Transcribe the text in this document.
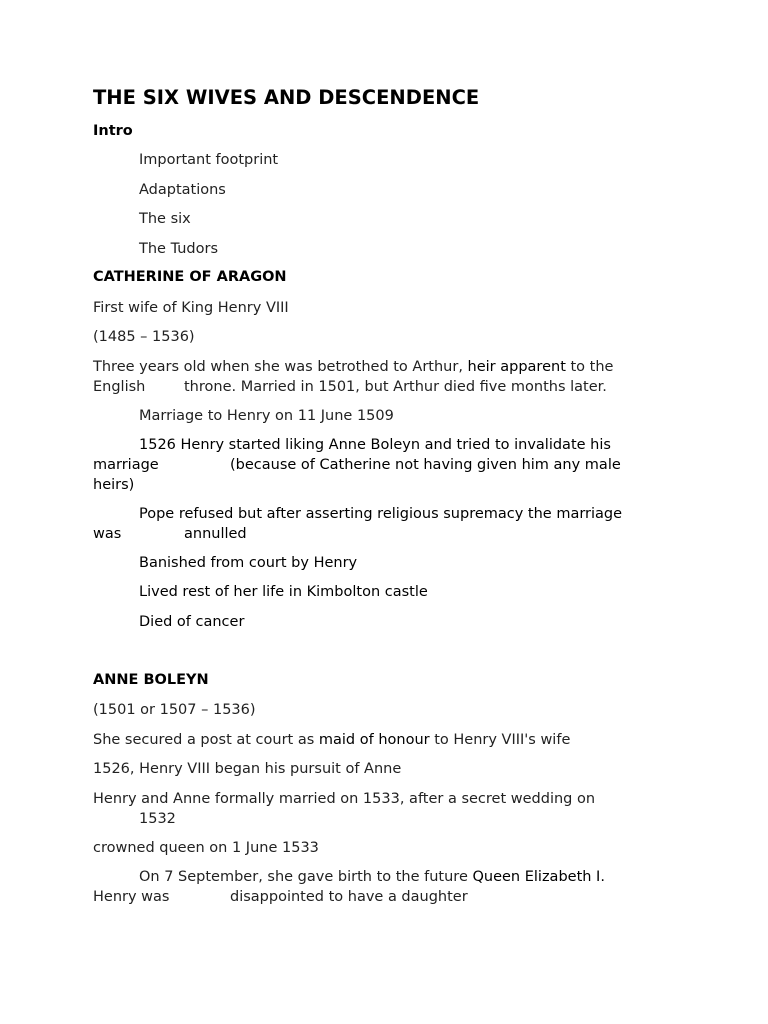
THE SIX WIVES AND DESCENDENCE
Intro
Important footprint
Adaptations
The six
The Tudors
CATHERINE OF ARAGON
First wife of King Henry VIII
(1485 – 1536)
Three years old when she was betrothed to Arthur, heir apparent to the
English	throne. Married in 1501, but Arthur died five months later.
Marriage to Henry on 11 June 1509
1526 Henry started liking Anne Boleyn and tried to invalidate his
marriage	(because of Catherine not having given him any male
heirs)
Pope refused but after asserting religious supremacy the marriage
was	annulled
Banished from court by Henry
Lived rest of her life in Kimbolton castle
Died of cancer
ANNE BOLEYN
(1501 or 1507 – 1536)
She secured a post at court as maid of honour to Henry VIII's wife
1526, Henry VIII began his pursuit of Anne
Henry and Anne formally married on 1533, after a secret wedding on
1532
crowned queen on 1 June 1533
On 7 September, she gave birth to the future Queen Elizabeth I.
Henry was	disappointed to have a daughter
